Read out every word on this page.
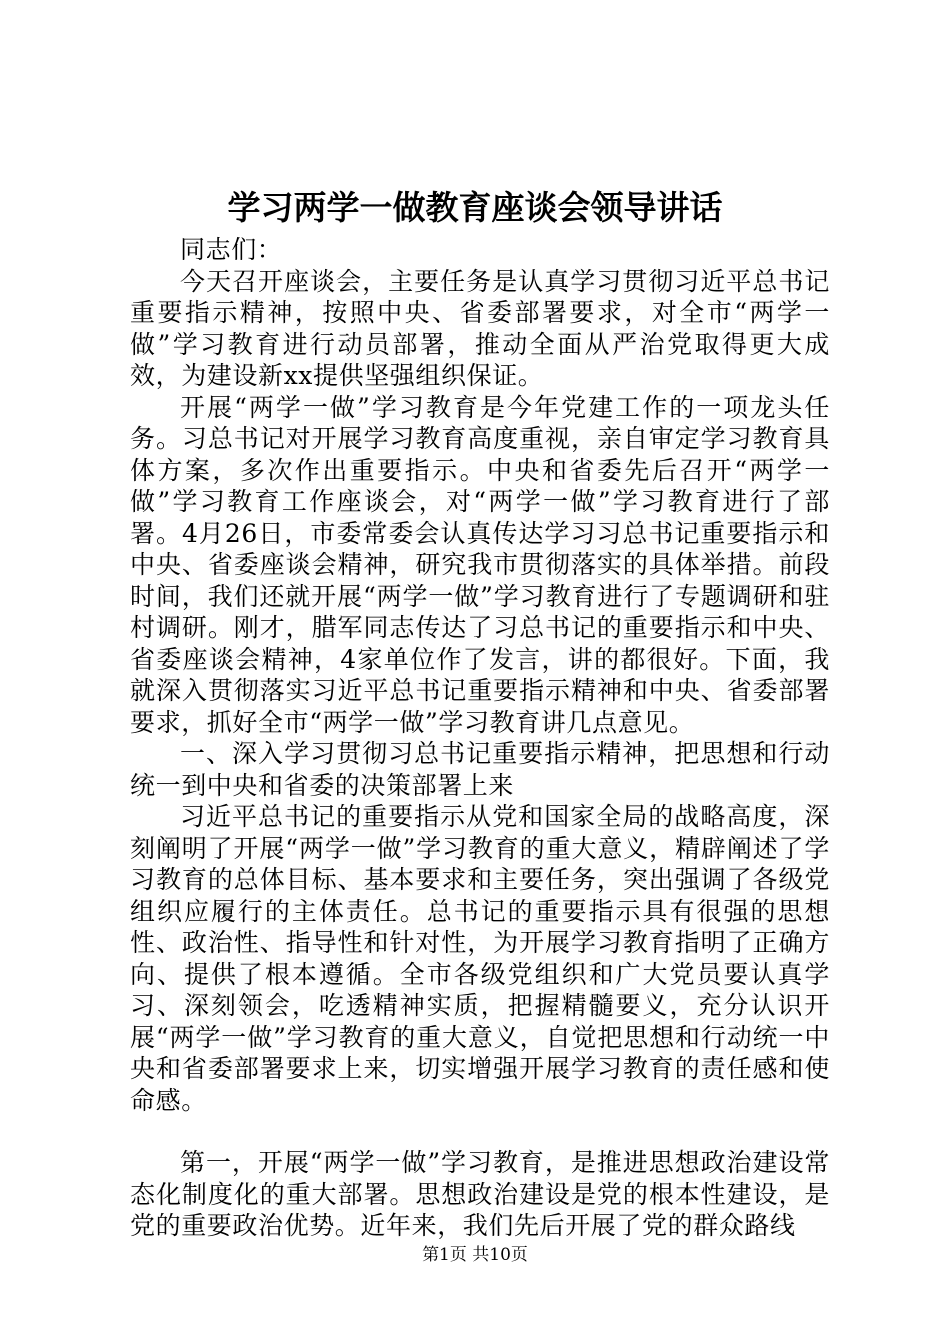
学习两学一做教育座谈会领导讲话

同志们：

今天召开座谈会，主要任务是认真学习贯彻习近平总书记重要指示精神，按照中央、省委部署要求，对全市“两学一做”学习教育进行动员部署，推动全面从严治党取得更大成效，为建设新xx提供坚强组织保证。

开展“两学一做”学习教育是今年党建工作的一项龙头任务。习总书记对开展学习教育高度重视，亲自审定学习教育具体方案，多次作出重要指示。中央和省委先后召开“两学一做”学习教育工作座谈会，对“两学一做”学习教育进行了部署。4月26日，市委常委会认真传达学习习总书记重要指示和中央、省委座谈会精神，研究我市贯彻落实的具体举措。前段时间，我们还就开展“两学一做”学习教育进行了专题调研和驻村调研。刚才，腊军同志传达了习总书记的重要指示和中央、省委座谈会精神，4家单位作了发言，讲的都很好。下面，我就深入贯彻落实习近平总书记重要指示精神和中央、省委部署要求，抓好全市“两学一做”学习教育讲几点意见。

一、深入学习贯彻习总书记重要指示精神，把思想和行动统一到中央和省委的决策部署上来

习近平总书记的重要指示从党和国家全局的战略高度，深刻阐明了开展“两学一做”学习教育的重大意义，精辟阐述了学习教育的总体目标、基本要求和主要任务，突出强调了各级党组织应履行的主体责任。总书记的重要指示具有很强的思想性、政治性、指导性和针对性，为开展学习教育指明了正确方向、提供了根本遵循。全市各级党组织和广大党员要认真学习、深刻领会，吃透精神实质，把握精髓要义，充分认识开展“两学一做”学习教育的重大意义，自觉把思想和行动统一中央和省委部署要求上来，切实增强开展学习教育的责任感和使命感。

第一，开展“两学一做”学习教育，是推进思想政治建设常态化制度化的重大部署。思想政治建设是党的根本性建设，是党的重要政治优势。近年来，我们先后开展了党的群众路线

第1页 共10页
